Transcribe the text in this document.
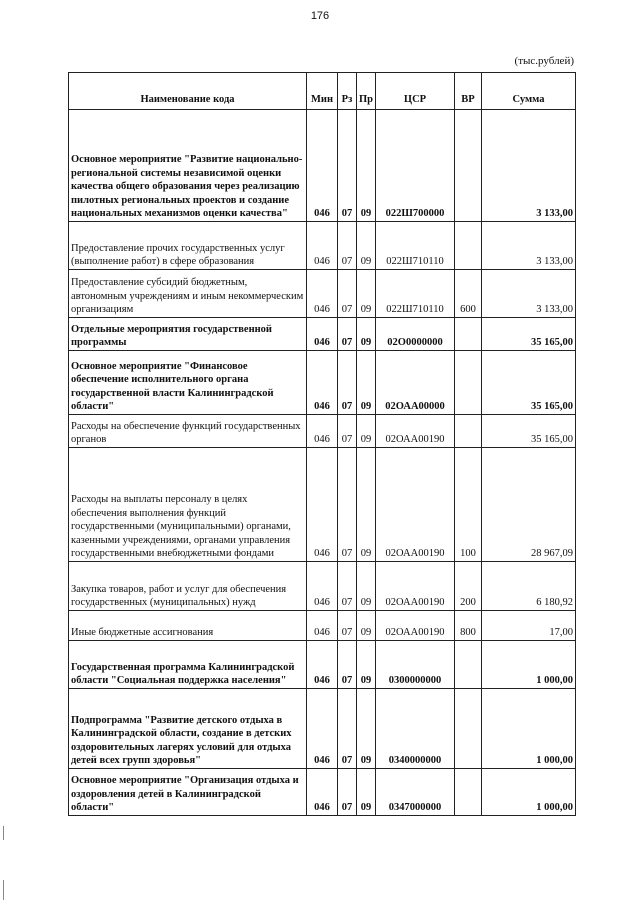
176
(тыс.рублей)
Наименование кода	Мин	Рз	Пр	ЦСР	ВР	Сумма
Основное мероприятие "Развитие национально-региональной системы независимой оценки качества общего образования через реализацию пилотных региональных проектов и создание национальных механизмов оценки качества"	046	07	09	022Ш700000		3 133,00
Предоставление прочих государственных услуг (выполнение работ) в сфере образования	046	07	09	022Ш710110		3 133,00
Предоставление субсидий бюджетным, автономным учреждениям и иным некоммерческим организациям	046	07	09	022Ш710110	600	3 133,00
Отдельные мероприятия государственной программы	046	07	09	02О0000000		35 165,00
Основное мероприятие "Финансовое обеспечение исполнительного органа государственной власти Калининградской области"	046	07	09	02ОАА00000		35 165,00
Расходы на обеспечение функций государственных органов	046	07	09	02ОАА00190		35 165,00
Расходы на выплаты персоналу в целях обеспечения выполнения функций государственными (муниципальными) органами, казенными учреждениями, органами управления государственными внебюджетными фондами	046	07	09	02ОАА00190	100	28 967,09
Закупка товаров, работ и услуг для обеспечения государственных (муниципальных) нужд	046	07	09	02ОАА00190	200	6 180,92
Иные бюджетные ассигнования	046	07	09	02ОАА00190	800	17,00
Государственная программа Калининградской области "Социальная поддержка населения"	046	07	09	0300000000		1 000,00
Подпрограмма "Развитие детского отдыха в Калининградской области, создание в детских оздоровительных лагерях условий для отдыха детей всех групп здоровья"	046	07	09	0340000000		1 000,00
Основное мероприятие "Организация отдыха и оздоровления детей в Калининградской области"	046	07	09	0347000000		1 000,00
